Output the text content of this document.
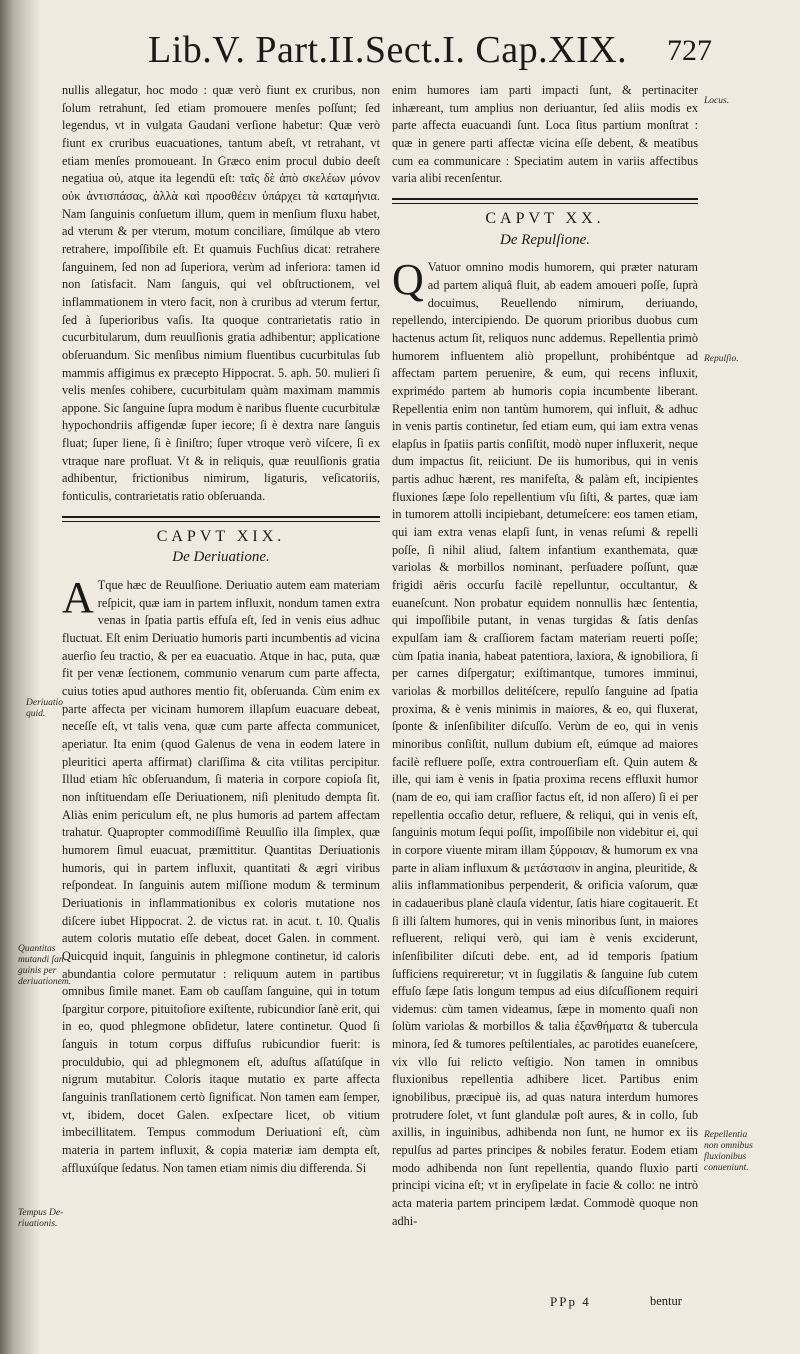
Lib.V. Part.II.Sect.I. Cap.XIX. 727

nullis allegatur, hoc modo : quæ verò fiunt ex cruribus, non ſolum retrahunt, ſed etiam promouere menſes poſſunt; ſed legendus, vt in vulgata Gaudani verſione habetur: Quæ verò fiunt ex cruribus euacuationes, tantum abeſt, vt retrahant, vt etiam menſes promoueant. In Græco enim procul dubio deeſt negatiua οὐ, atque ita legendū eſt: ταῖς δὲ ἀπὸ σκελέων μόνον οὐκ ἀντισπάσας, ἀλλὰ καὶ προσθέειν ὑπάρχει τὰ καταμήνια. Nam ſanguinis conſuetum illum, quem in menſium fluxu habet, ad vterum & per vterum, motum conciliare, ſimúlque ab vtero retrahere, impoſſibile eſt. Et quamuis Fuchſius dicat: retrahere ſanguinem, ſed non ad ſuperiora, verùm ad inferiora: tamen id non ſatisfacit. Nam ſanguis, qui vel obſtructionem, vel inflammationem in vtero facit, non à cruribus ad vterum fertur, ſed à ſuperioribus vaſis. Ita quoque contrarietatis ratio in cucurbitularum, dum reuulſionis gratia adhibentur; applicatione obſeruandum. Sic menſibus nimium fluentibus cucurbitulas ſub mammis affigimus ex præcepto Hippocrat. 5. aph. 50. mulieri ſi velis menſes cohibere, cucurbitulam quàm maximam mammis appone. Sic ſanguine ſupra modum è naribus fluente cucurbitulæ hypochondriis affigendæ ſuper iecore; ſi è dextra nare ſanguis fluat; ſuper liene, ſi è ſiniſtro; ſuper vtroque verò viſcere, ſi ex vtraque nare profluat. Vt & in reliquis, quæ reuulſionis gratia adhibentur, frictionibus nimirum, ligaturis, veſicatoriis, fonticulis, contrarietatis ratio obſeruanda.

CAPVT XIX.
De Deriuatione.

A Tque hæc de Reuulſione. Deriuatio autem eam materiam reſpicit, quæ iam in partem influxit, nondum tamen extra venas in ſpatia partis effuſa eſt, ſed in venis eius adhuc fluctuat. Eſt enim Deriuatio humoris parti incumbentis ad vicina auerſio ſeu tractio, & per ea euacuatio. Atque in hac, puta, quæ fit per venæ ſectionem, communio venarum cum parte affecta, cuius toties apud authores mentio fit, obſeruanda. Cùm enim ex parte affecta per vicinam humorem illapſum euacuare debeat, neceſſe eſt, vt talis vena, quæ cum parte affecta communicet, aperiatur. Ita enim (quod Galenus de vena in eodem latere in pleuritici aperta affirmat) clariſſima & cita vtilitas percipitur. Illud etiam hîc obſeruandum, ſi materia in corpore copioſa ſit, non inſtituendam eſſe Deriuationem, niſi plenitudo dempta ſit. Aliàs enim periculum eſt, ne plus humoris ad partem affectam trahatur. Quapropter commodiſſimè Reuulſio illa ſimplex, quæ humorem ſimul euacuat, præmittitur. Quantitas Deriuationis humoris, qui in partem influxit, quantitati & ægri viribus reſpondeat. In ſanguinis autem miſſione modum & terminum Deriuationis in inflammationibus ex coloris mutatione nos diſcere iubet Hippocrat. 2. de victus rat. in acut. t. 10. Qualis autem coloris mutatio eſſe debeat, docet Galen. in comment. Quicquid inquit, ſanguinis in phlegmone continetur, id caloris abundantia colore permutatur : reliquum autem in partibus omnibus ſimile manet. Eam ob cauſſam ſanguine, qui in totum ſpargitur corpore, pituitoſiore exiſtente, rubicundior ſanè erit, qui in eo, quod phlegmone obſidetur, latere continetur. Quod ſi ſanguis in totum corpus diffuſus rubicundior fuerit: is proculdubio, qui ad phlegmonem eſt, aduſtus aſſatúſque in nigrum mutabitur. Coloris itaque mutatio ex parte affecta ſanguinis tranſlationem certò ſignificat. Non tamen eam ſemper, vt, ibidem, docet Galen. exſpectare licet, ob vitium imbecillitatem. Tempus commodum Deriuationi eſt, cùm materia in partem influxit, & copia materiæ iam dempta eſt, affluxúſque ſedatus. Non tamen etiam nimis diu differenda. Si

enim humores iam parti impacti ſunt, & pertinaciter inhæreant, tum amplius non deriuantur, ſed aliis modis ex parte affecta euacuandi ſunt. Loca ſitus partium monſtrat : quæ in genere parti affectæ vicina eſſe debent, & meatibus cum ea communicare : Speciatim autem in variis affectibus varia alibi recenſentur.

CAPVT XX.
De Repulſione.

Q Vatuor omnino modis humorem, qui præter naturam ad partem aliquâ fluit, ab eadem amoueri poſſe, ſuprà docuimus, Reuellendo nimirum, deriuando, repellendo, intercipiendo. De quorum prioribus duobus cum hactenus actum ſit, reliquos nunc addemus. Repellentia primò humorem influentem aliò propellunt, prohibéntque ad affectam partem peruenire, & eum, qui recens influxit, exprimédo partem ab humoris copia incumbente liberant. Repellentia enim non tantùm humorem, qui influit, & adhuc in venis partis continetur, ſed etiam eum, qui iam extra venas elapſus in ſpatiis partis conſiſtit, modò nuper influxerit, neque dum impactus ſit, reiiciunt. De iis humoribus, qui in venis partis adhuc hærent, res manifeſta, & palàm eſt, incipientes fluxiones ſæpe ſolo repellentium vſu ſiſti, & partes, quæ iam in tumorem attolli incipiebant, detumeſcere: eos tamen etiam, qui iam extra venas elapſi ſunt, in venas reſumi & repelli poſſe, ſi nihil aliud, ſaltem infantium exanthemata, quæ variolas & morbillos nominant, perſuadere poſſunt, quæ frigidi aëris occurſu facilè repelluntur, occultantur, & euaneſcunt. Non probatur equidem nonnullis hæc ſententia, qui impoſſibile putant, in venas turgidas & ſatis denſas expulſam iam & craſſiorem factam materiam reuerti poſſe; cùm ſpatia inania, habeat patentiora, laxiora, & ignobiliora, ſi per carnes diſpergatur; exiſtimantque, tumores imminui, variolas & morbillos delitéſcere, repulſo ſanguine ad ſpatia proxima, & è venis minimis in maiores, & eo, qui fluxerat, ſponte & inſenſibiliter diſcuſſo. Verùm de eo, qui in venis minoribus conſiſtit, nullum dubium eſt, eúmque ad maiores facilè refluere poſſe, extra controuerſiam eſt. Quin autem & ille, qui iam è venis in ſpatia proxima recens effluxit humor (nam de eo, qui iam craſſior factus eſt, id non aſſero) ſi ei per repellentia occaſio detur, refluere, & reliqui, qui in venis eſt, ſanguinis motum ſequi poſſit, impoſſibile non videbitur ei, qui in corpore viuente miram illam ξύρροιαν, & humorum ex vna parte in aliam influxum & μετάστασιν in angina, pleuritide, & aliis inflammationibus perpenderit, & orificia vaſorum, quæ in cadaueribus planè clauſa videntur, ſatis hiare cogitauerit. Et ſi illi ſaltem humores, qui in venis minoribus ſunt, in maiores refluerent, reliqui verò, qui iam è venis exciderunt, inſenſibiliter diſcuti debe. ent, ad id temporis ſpatium ſufficiens requireretur; vt in ſuggilatis & ſanguine ſub cutem effuſo ſæpe ſatis longum tempus ad eius diſcuſſionem requiri videmus: cùm tamen videamus, ſæpe in momento quaſi non ſolùm variolas & morbillos & talia ἐξανθήματα & tubercula minora, ſed & tumores peſtilentiales, ac parotides euaneſcere, vix vllo ſui relicto veſtigio. Non tamen in omnibus fluxionibus repellentia adhibere licet. Partibus enim ignobilibus, præcipuè iis, ad quas natura interdum humores protrudere ſolet, vt ſunt glandulæ poſt aures, & in collo, ſub axillis, in inguinibus, adhibenda non ſunt, ne humor ex iis repulſus ad partes principes & nobiles feratur. Eodem etiam modo adhibenda non ſunt repellentia, quando fluxio parti principi vicina eſt; vt in eryſipelate in facie & collo: ne intrò acta materia partem principem lædat. Commodè quoque non adhi-

Locus.
Repulſio.
Deriuatio
quid.
Quantitas
mutandi ſan-
guinis per
deriuationem.
Tempus De-
riuationis.
Repellentia
non omnibus
fluxionibus
conueniunt.
PPp 4	bentur
